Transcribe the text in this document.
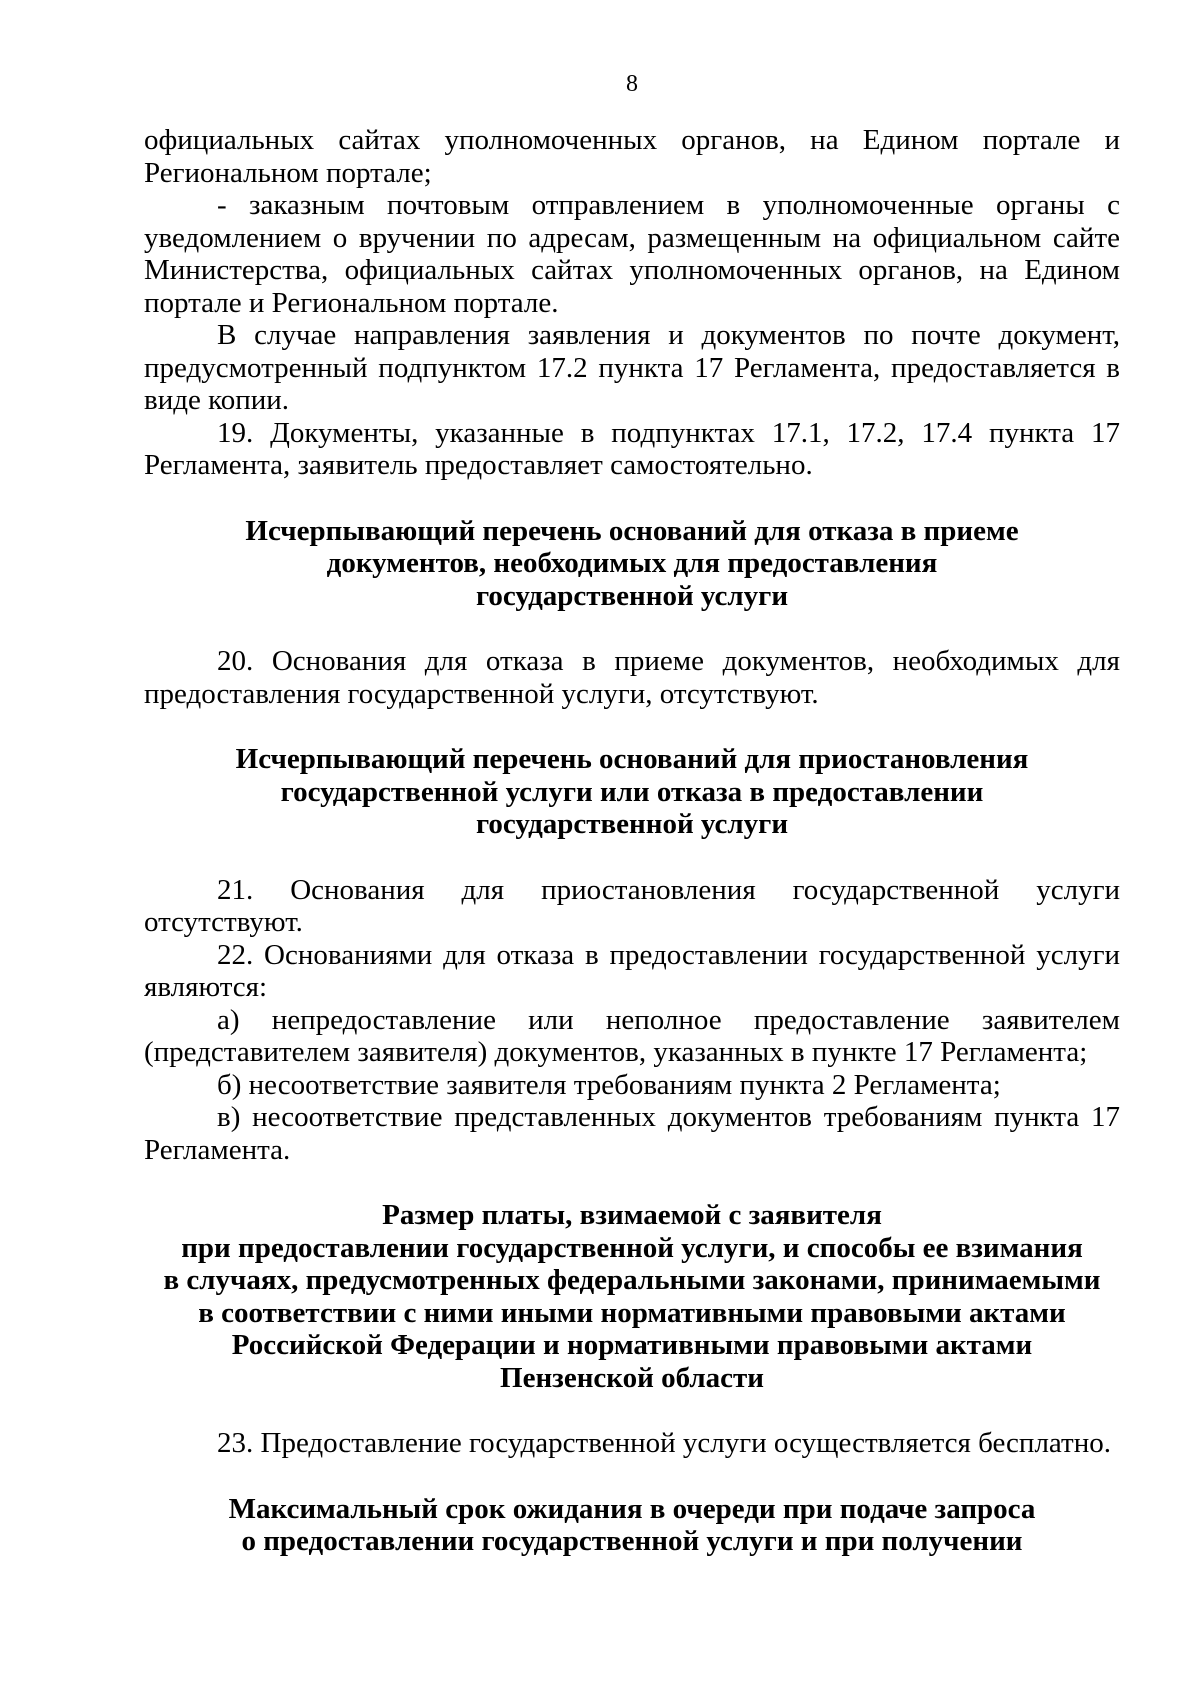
8

официальных сайтах уполномоченных органов, на Едином портале и Региональном портале;

- заказным почтовым отправлением в уполномоченные органы с уведомлением о вручении по адресам, размещенным на официальном сайте Министерства, официальных сайтах уполномоченных органов, на Едином портале и Региональном портале.

В случае направления заявления и документов по почте документ, предусмотренный подпунктом 17.2 пункта 17 Регламента, предоставляется в виде копии.

19. Документы, указанные в подпунктах 17.1, 17.2, 17.4 пункта 17 Регламента, заявитель предоставляет самостоятельно.

Исчерпывающий перечень оснований для отказа в приеме
документов, необходимых для предоставления
государственной услуги

20. Основания для отказа в приеме документов, необходимых для предоставления государственной услуги, отсутствуют.

Исчерпывающий перечень оснований для приостановления
государственной услуги или отказа в предоставлении
государственной услуги

21. Основания для приостановления государственной услуги отсутствуют.

22. Основаниями для отказа в предоставлении государственной услуги являются:

а) непредоставление или неполное предоставление заявителем (представителем заявителя) документов, указанных в пункте 17 Регламента;

б) несоответствие заявителя требованиям пункта 2 Регламента;

в) несоответствие представленных документов требованиям пункта 17 Регламента.

Размер платы, взимаемой с заявителя
при предоставлении государственной услуги, и способы ее взимания
в случаях, предусмотренных федеральными законами, принимаемыми
в соответствии с ними иными нормативными правовыми актами
Российской Федерации и нормативными правовыми актами
Пензенской области

23. Предоставление государственной услуги осуществляется бесплатно.

Максимальный срок ожидания в очереди при подаче запроса
о предоставлении государственной услуги и при получении
